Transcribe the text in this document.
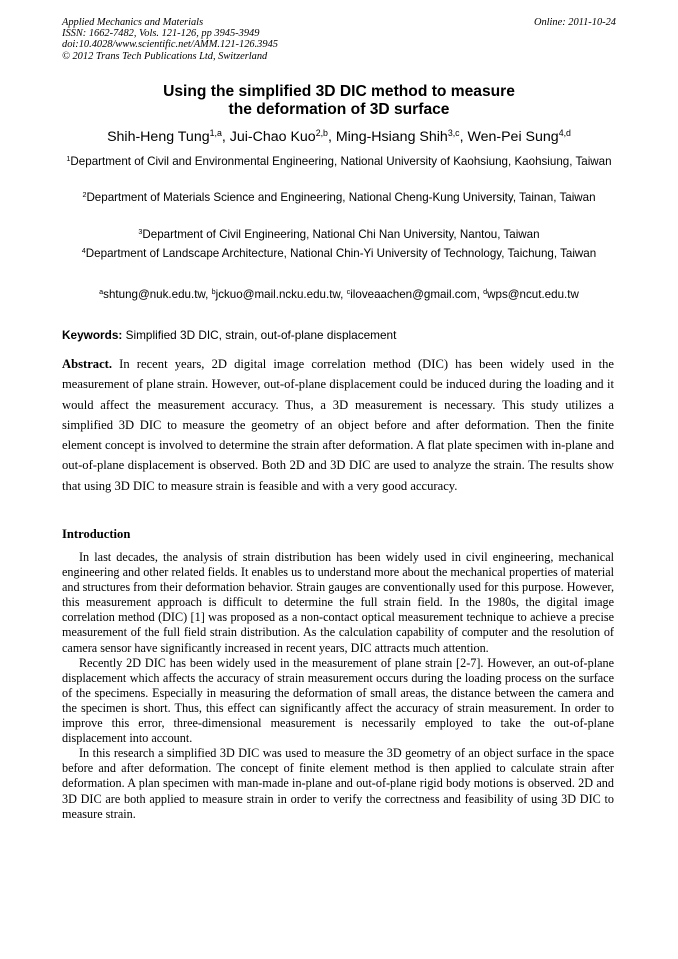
Applied Mechanics and Materials	Online: 2011-10-24
ISSN: 1662-7482, Vols. 121-126, pp 3945-3949
doi:10.4028/www.scientific.net/AMM.121-126.3945
© 2012 Trans Tech Publications Ltd, Switzerland
Using the simplified 3D DIC method to measure
the deformation of 3D surface
Shih-Heng Tung$^{1,a}$, Jui-Chao Kuo$^{2,b}$, Ming-Hsiang Shih$^{3,c}$, Wen-Pei Sung$^{4,d}$
$^1$Department of Civil and Environmental Engineering, National University of Kaohsiung, Kaohsiung, Taiwan
$^2$Department of Materials Science and Engineering, National Cheng-Kung University, Tainan, Taiwan
$^3$Department of Civil Engineering, National Chi Nan University, Nantou, Taiwan
$^4$Department of Landscape Architecture, National Chin-Yi University of Technology, Taichung, Taiwan
$^a$shtung@nuk.edu.tw, $^b$jckuo@mail.ncku.edu.tw, $^c$iloveaachen@gmail.com, $^d$wps@ncut.edu.tw
Keywords: Simplified 3D DIC, strain, out-of-plane displacement
Abstract. In recent years, 2D digital image correlation method (DIC) has been widely used in the measurement of plane strain. However, out-of-plane displacement could be induced during the loading and it would affect the measurement accuracy. Thus, a 3D measurement is necessary. This study utilizes a simplified 3D DIC to measure the geometry of an object before and after deformation. Then the finite element concept is involved to determine the strain after deformation. A flat plate specimen with in-plane and out-of-plane displacement is observed. Both 2D and 3D DIC are used to analyze the strain. The results show that using 3D DIC to measure strain is feasible and with a very good accuracy.
Introduction

In last decades, the analysis of strain distribution has been widely used in civil engineering, mechanical engineering and other related fields. It enables us to understand more about the mechanical properties of material and structures from their deformation behavior. Strain gauges are conventionally used for this purpose. However, this measurement approach is difficult to determine the full strain field. In the 1980s, the digital image correlation method (DIC) [1] was proposed as a non-contact optical measurement technique to achieve a precise measurement of the full field strain distribution. As the calculation capability of computer and the resolution of camera sensor have significantly increased in recent years, DIC attracts much attention.

Recently 2D DIC has been widely used in the measurement of plane strain [2-7]. However, an out-of-plane displacement which affects the accuracy of strain measurement occurs during the loading process on the surface of the specimens. Especially in measuring the deformation of small areas, the distance between the camera and the specimen is short. Thus, this effect can significantly affect the accuracy of strain measurement. In order to improve this error, three-dimensional measurement is necessarily employed to take the out-of-plane displacement into account.

In this research a simplified 3D DIC was used to measure the 3D geometry of an object surface in the space before and after deformation. The concept of finite element method is then applied to calculate strain after deformation. A plan specimen with man-made in-plane and out-of-plane rigid body motions is observed. 2D and 3D DIC are both applied to measure strain in order to verify the correctness and feasibility of using 3D DIC to measure strain.
